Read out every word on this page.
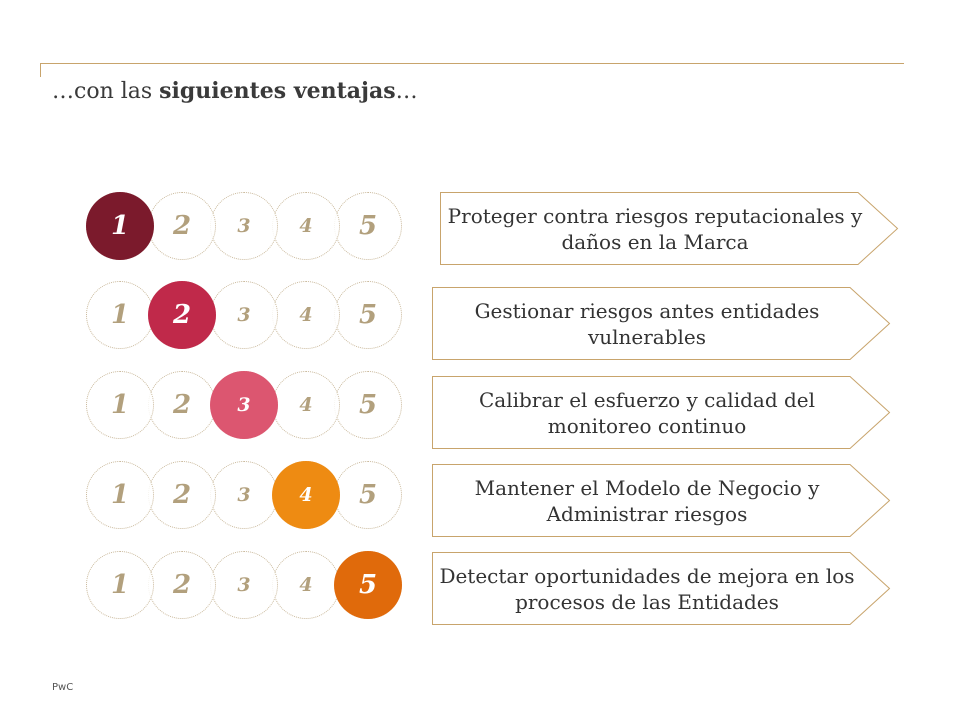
…con las siguientes ventajas…
1	2	3	4	5	Proteger contra riesgos reputacionales y daños en la Marca
1	2	3	4	5	Gestionar riesgos antes entidades vulnerables
1	2	3	4	5	Calibrar el esfuerzo y calidad del monitoreo continuo
1	2	3	4	5	Mantener el Modelo de Negocio y Administrar riesgos
1	2	3	4	5	Detectar oportunidades de mejora en los procesos de las Entidades
PwC
